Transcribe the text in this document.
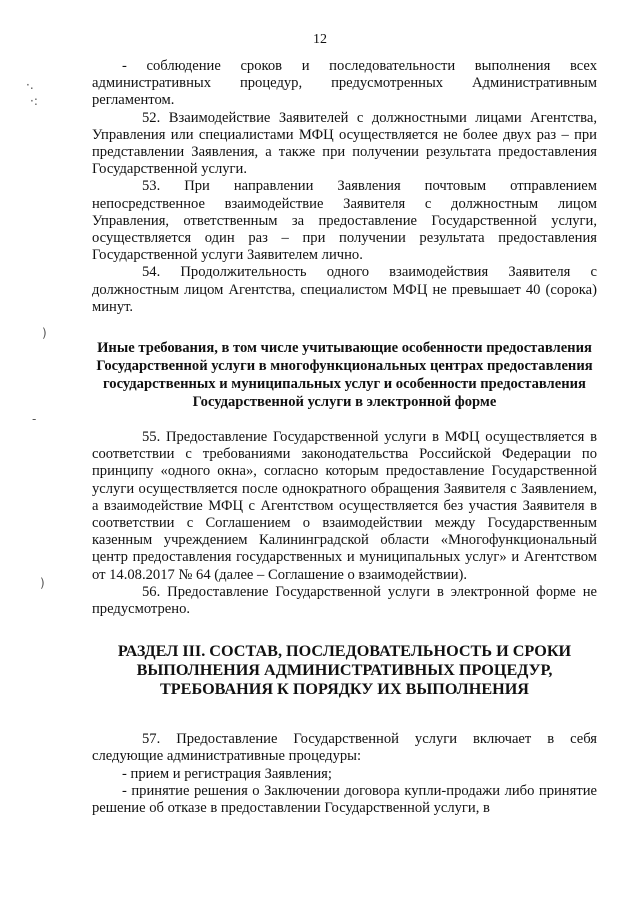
12
·.
·:
)
-
)

- соблюдение сроков и последовательности выполнения всех административных процедур, предусмотренных Административным регламентом.

52. Взаимодействие Заявителей с должностными лицами Агентства, Управления или специалистами МФЦ осуществляется не более двух раз – при представлении Заявления, а также при получении результата предоставления Государственной услуги.

53. При направлении Заявления почтовым отправлением непосредственное взаимодействие Заявителя с должностным лицом Управления, ответственным за предоставление Государственной услуги, осуществляется один раз – при получении результата предоставления Государственной услуги Заявителем лично.

54. Продолжительность одного взаимодействия Заявителя с должностным лицом Агентства, специалистом МФЦ не превышает 40 (сорока) минут.

Иные требования, в том числе учитывающие особенности предоставления Государственной услуги в многофункциональных центрах предоставления государственных и муниципальных услуг и особенности предоставления Государственной услуги в электронной форме

55. Предоставление Государственной услуги в МФЦ осуществляется в соответствии с требованиями законодательства Российской Федерации по принципу «одного окна», согласно которым предоставление Государственной услуги осуществляется после однократного обращения Заявителя с Заявлением, а взаимодействие МФЦ с Агентством осуществляется без участия Заявителя в соответствии с Соглашением о взаимодействии между Государственным казенным учреждением Калининградской области «Многофункциональный центр предоставления государственных и муниципальных услуг» и Агентством от 14.08.2017 № 64 (далее – Соглашение о взаимодействии).

56. Предоставление Государственной услуги в электронной форме не предусмотрено.

РАЗДЕЛ III. СОСТАВ, ПОСЛЕДОВАТЕЛЬНОСТЬ И СРОКИ ВЫПОЛНЕНИЯ АДМИНИСТРАТИВНЫХ ПРОЦЕДУР, ТРЕБОВАНИЯ К ПОРЯДКУ ИХ ВЫПОЛНЕНИЯ

57. Предоставление Государственной услуги включает в себя следующие административные процедуры:

- прием и регистрация Заявления;

- принятие решения о Заключении договора купли-продажи либо принятие решение об отказе в предоставлении Государственной услуги, в
